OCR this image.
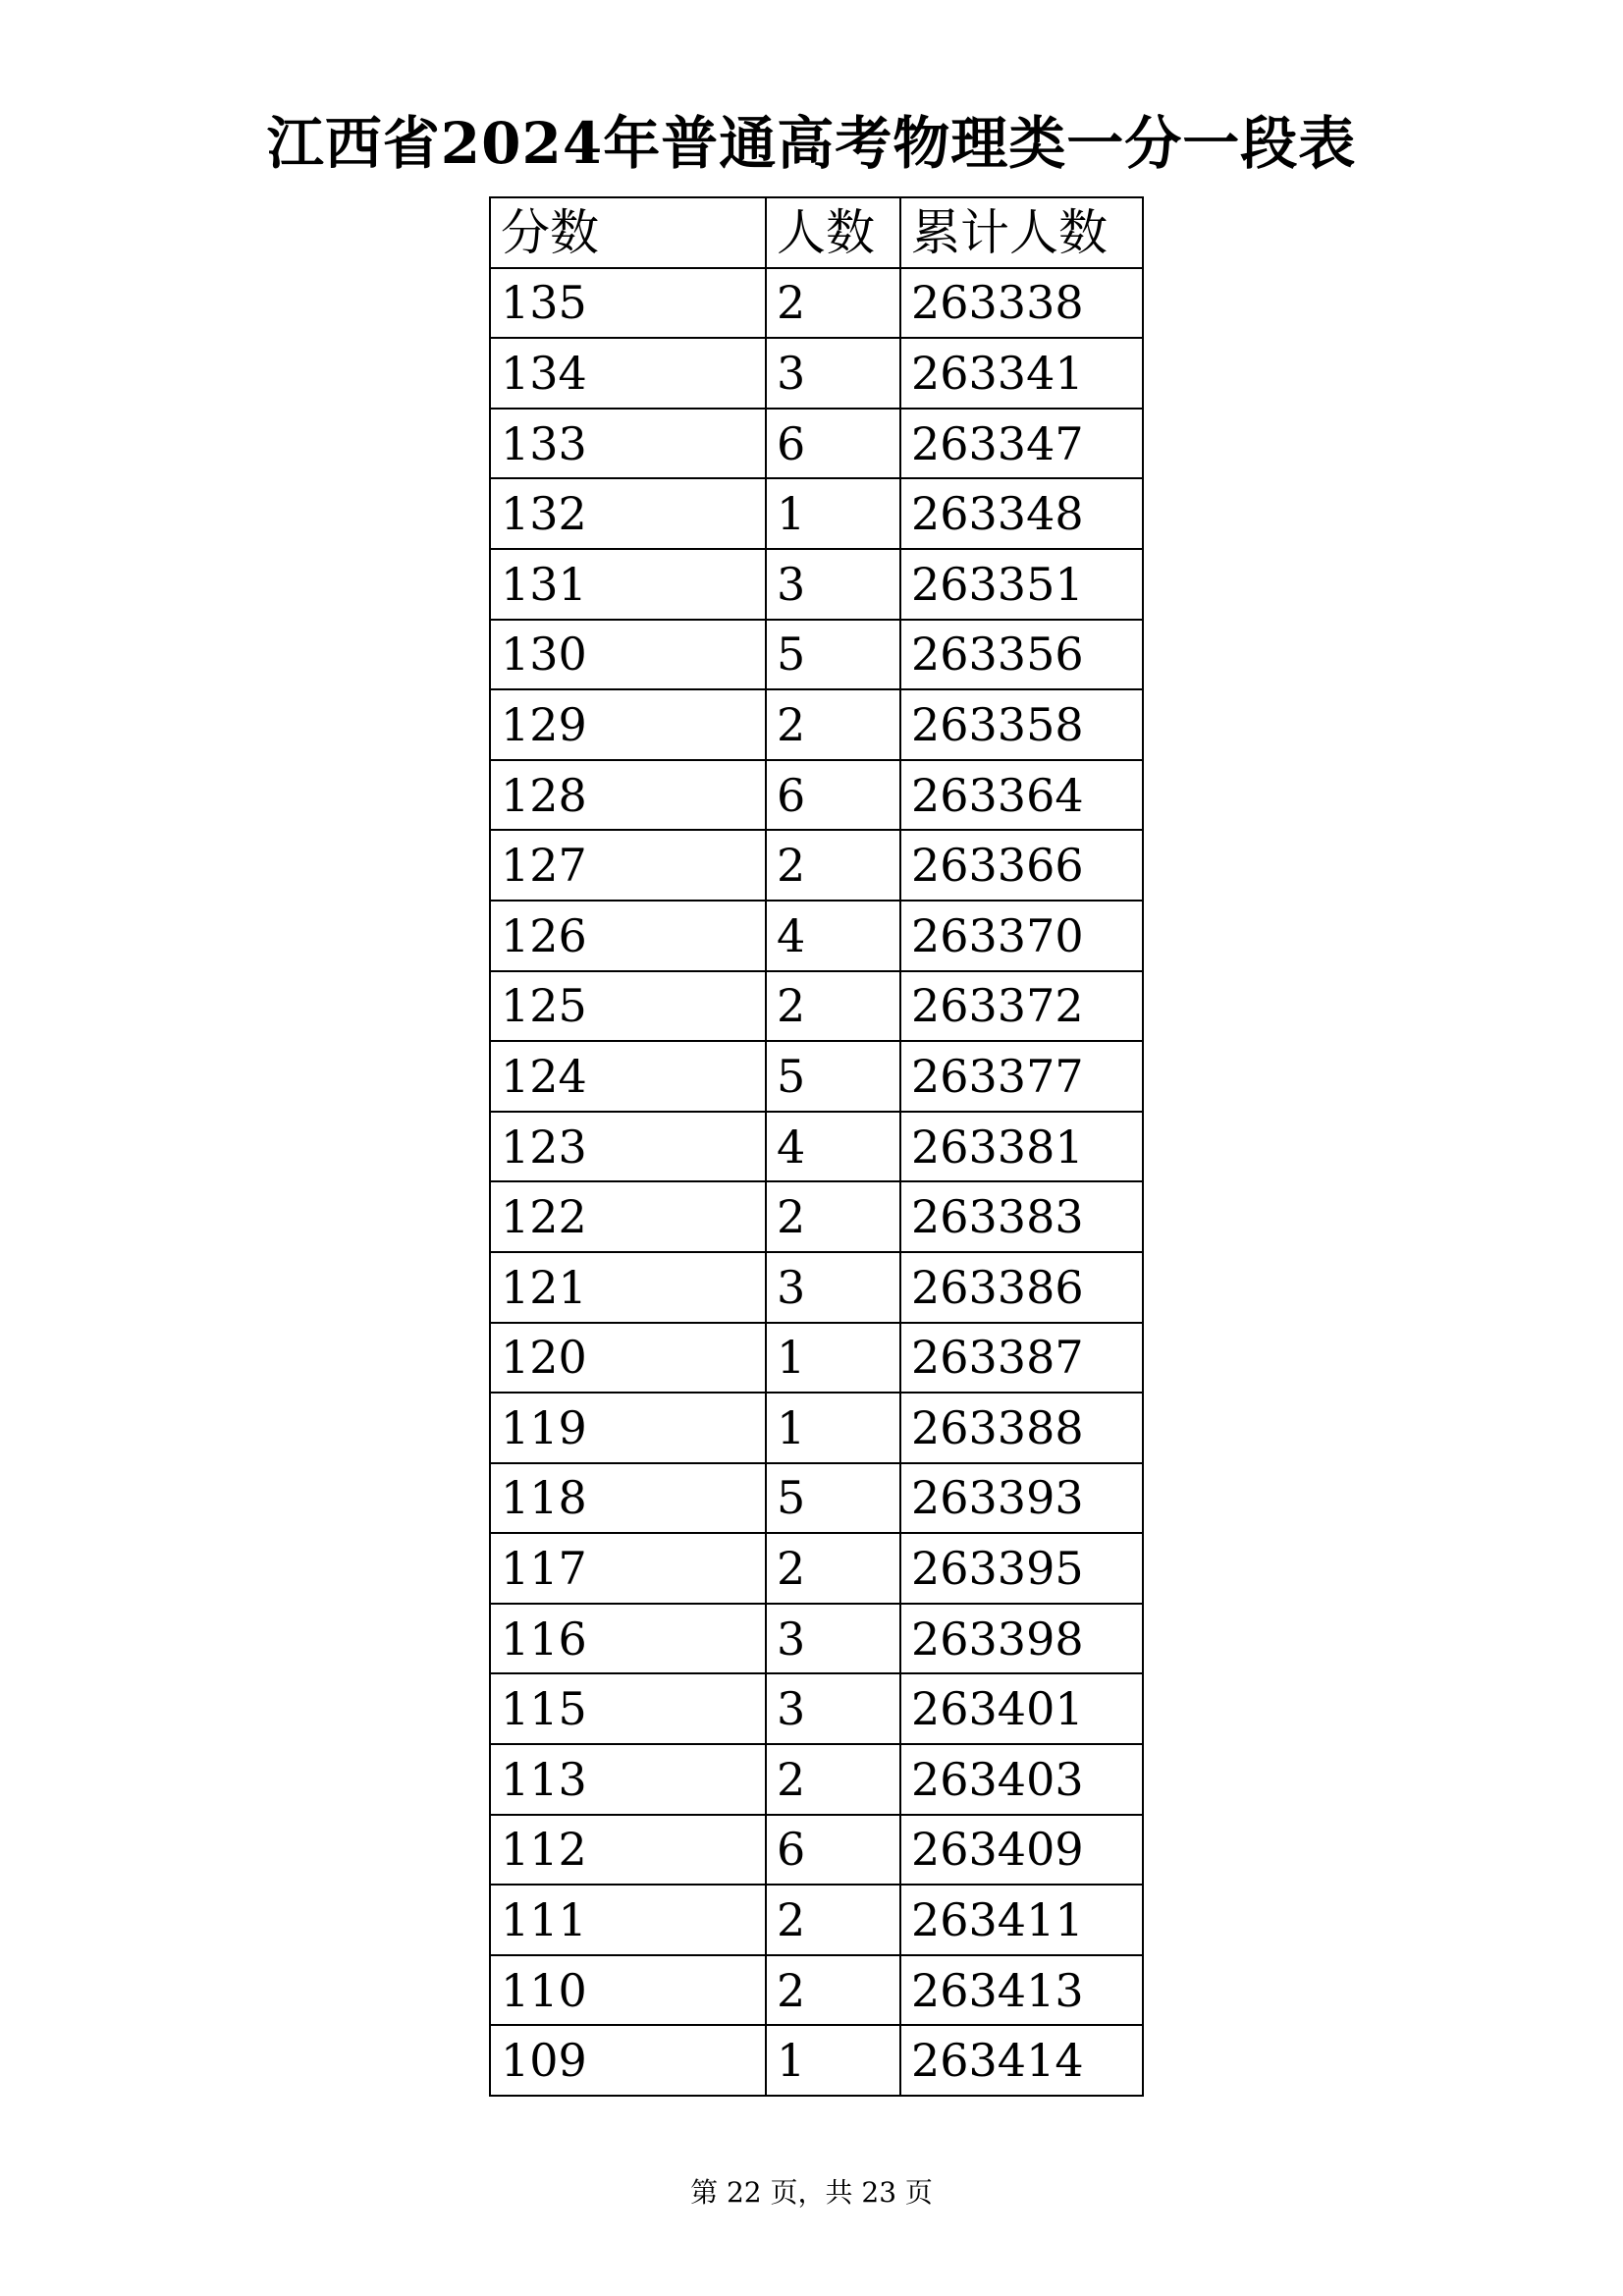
江西省2024年普通高考物理类一分一段表
分数	人数	累计人数
135	2	263338
134	3	263341
133	6	263347
132	1	263348
131	3	263351
130	5	263356
129	2	263358
128	6	263364
127	2	263366
126	4	263370
125	2	263372
124	5	263377
123	4	263381
122	2	263383
121	3	263386
120	1	263387
119	1	263388
118	5	263393
117	2	263395
116	3	263398
115	3	263401
113	2	263403
112	6	263409
111	2	263411
110	2	263413
109	1	263414
第 22 页，共 23 页
